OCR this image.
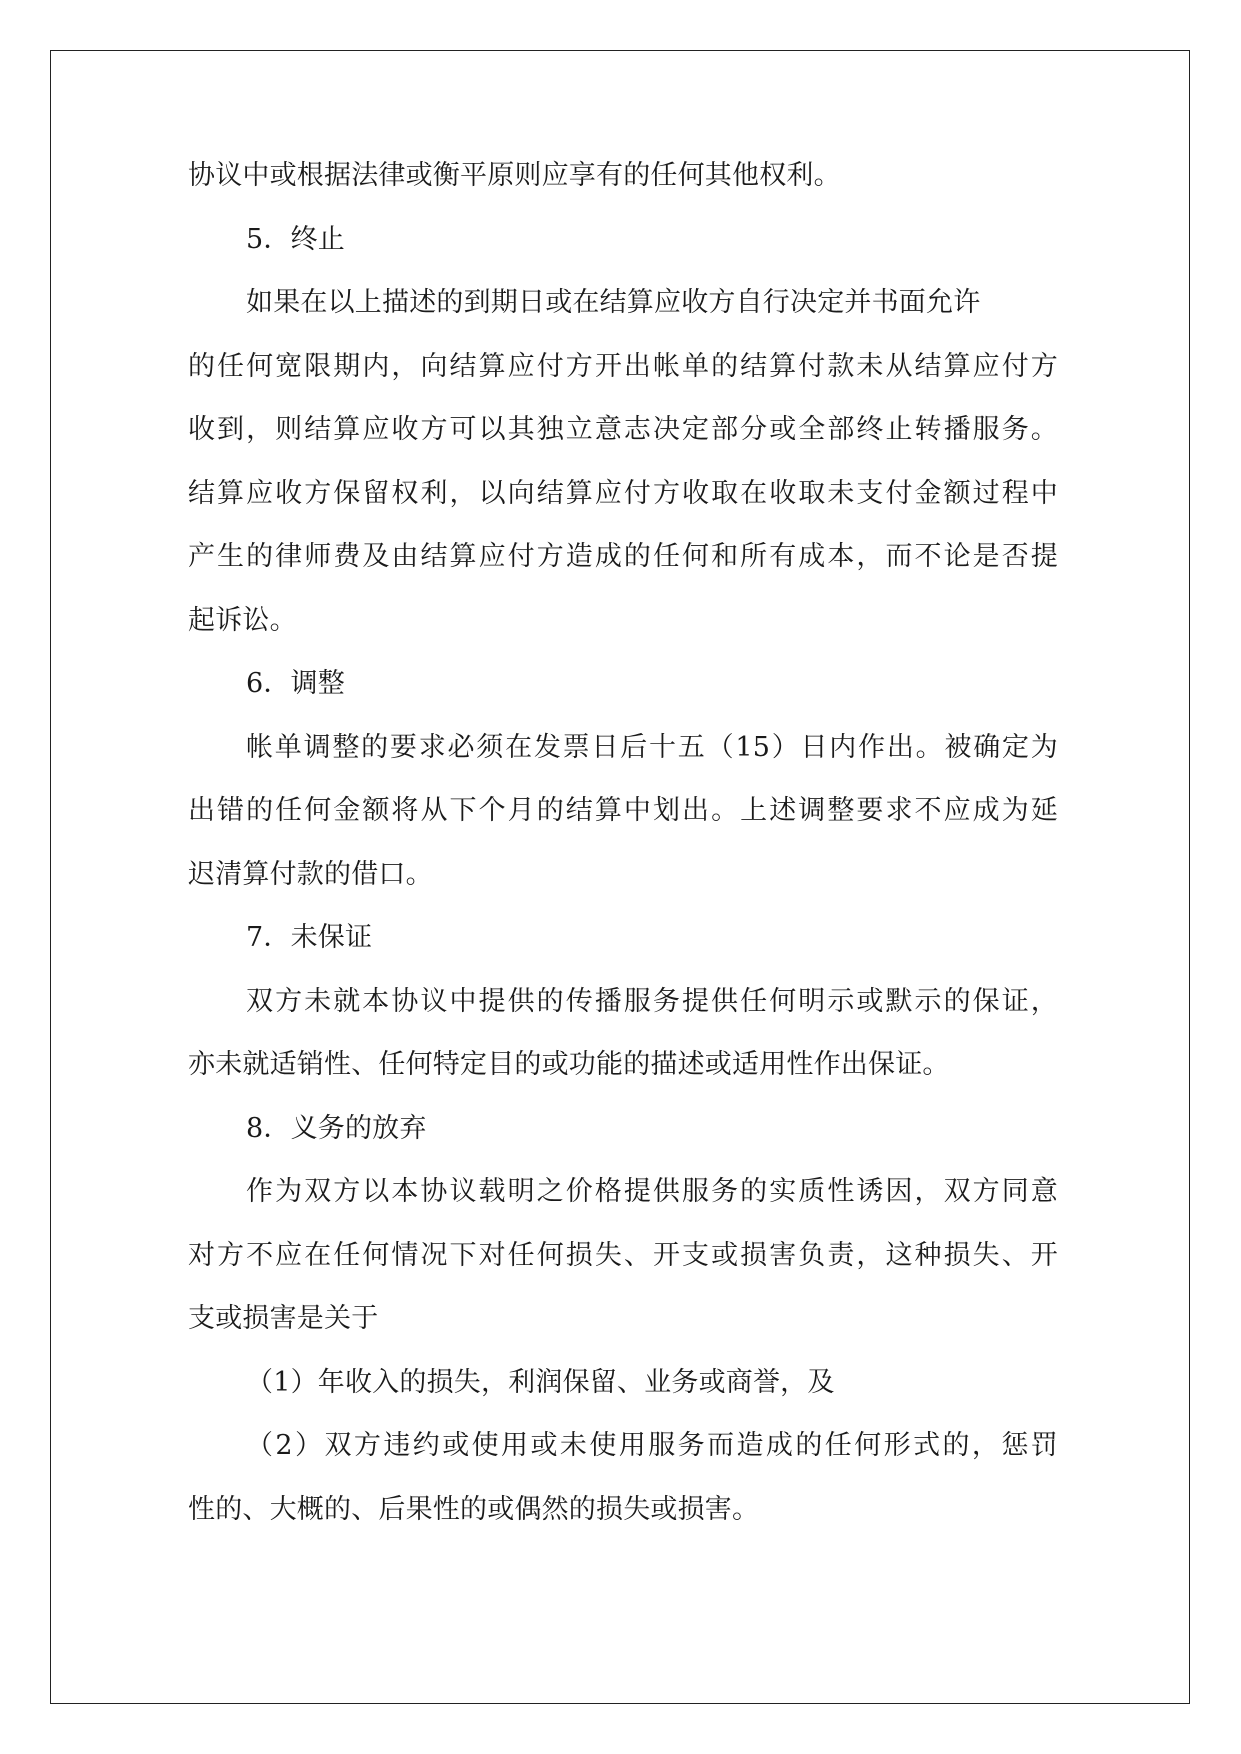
协议中或根据法律或衡平原则应享有的任何其他权利。
5．终止
如果在以上描述的到期日或在结算应收方自行决定并书面允许
的任何宽限期内，向结算应付方开出帐单的结算付款未从结算应付方
收到，则结算应收方可以其独立意志决定部分或全部终止转播服务。
结算应收方保留权利，以向结算应付方收取在收取未支付金额过程中
产生的律师费及由结算应付方造成的任何和所有成本，而不论是否提
起诉讼。
6．调整
帐单调整的要求必须在发票日后十五（15）日内作出。被确定为
出错的任何金额将从下个月的结算中划出。上述调整要求不应成为延
迟清算付款的借口。
7．未保证
双方未就本协议中提供的传播服务提供任何明示或默示的保证，
亦未就适销性、任何特定目的或功能的描述或适用性作出保证。
8．义务的放弃
作为双方以本协议载明之价格提供服务的实质性诱因，双方同意
对方不应在任何情况下对任何损失、开支或损害负责，这种损失、开
支或损害是关于
（1）年收入的损失，利润保留、业务或商誉，及
（2）双方违约或使用或未使用服务而造成的任何形式的，惩罚
性的、大概的、后果性的或偶然的损失或损害。
